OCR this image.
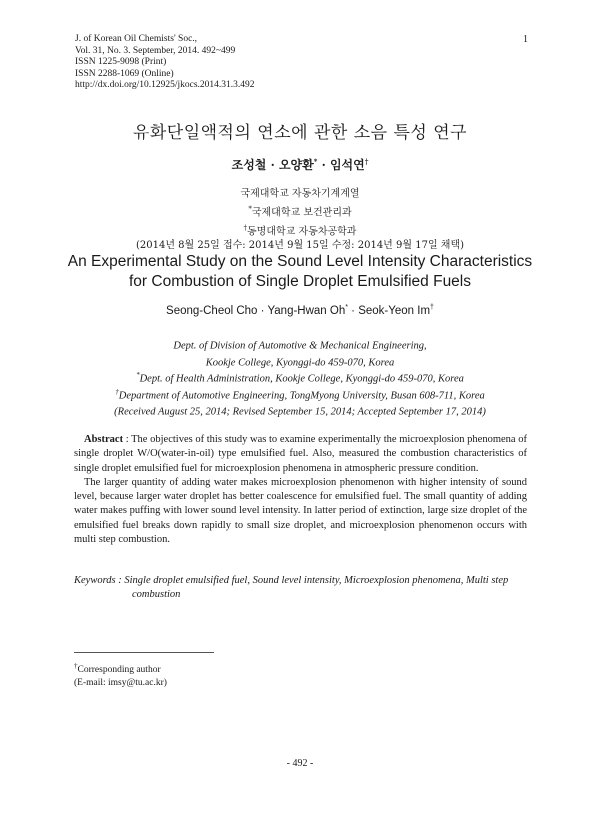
J. of Korean Oil Chemists' Soc.,
Vol. 31, No. 3. September, 2014. 492~499
ISSN 1225-9098 (Print)
ISSN 2288-1069 (Online)
http://dx.doi.org/10.12925/jkocs.2014.31.3.492
1
유화단일액적의 연소에 관한 소음 특성 연구
조성철 · 오양환* · 임석연†
국제대학교 자동차기계계열
*국제대학교 보건관리과
†동명대학교 자동차공학과
(2014년 8월 25일 접수: 2014년 9월 15일 수정: 2014년 9월 17일 채택)
An Experimental Study on the Sound Level Intensity Characteristics
for Combustion of Single Droplet Emulsified Fuels
Seong-Cheol Cho · Yang-Hwan Oh* · Seok-Yeon Im†
Dept. of Division of Automotive & Mechanical Engineering,
Kookje College, Kyonggi-do 459-070, Korea
*Dept. of Health Administration, Kookje College, Kyonggi-do 459-070, Korea
†Department of Automotive Engineering, TongMyong University, Busan 608-711, Korea
(Received August 25, 2014; Revised September 15, 2014; Accepted September 17, 2014)

Abstract : The objectives of this study was to examine experimentally the microexplosion phenomena of single droplet W/O(water-in-oil) type emulsified fuel. Also, measured the combustion characteristics of single droplet emulsified fuel for microexplosion phenomena in atmospheric pressure condition.

The larger quantity of adding water makes microexplosion phenomenon with higher intensity of sound level, because larger water droplet has better coalescence for emulsified fuel. The small quantity of adding water makes puffing with lower sound level intensity. In latter period of extinction, large size droplet of the emulsified fuel breaks down rapidly to small size droplet, and microexplosion phenomenon occurs with multi step combustion.

Keywords : Single droplet emulsified fuel, Sound level intensity, Microexplosion phenomena, Multi step combustion
†Corresponding author
(E-mail: imsy@tu.ac.kr)
- 492 -
